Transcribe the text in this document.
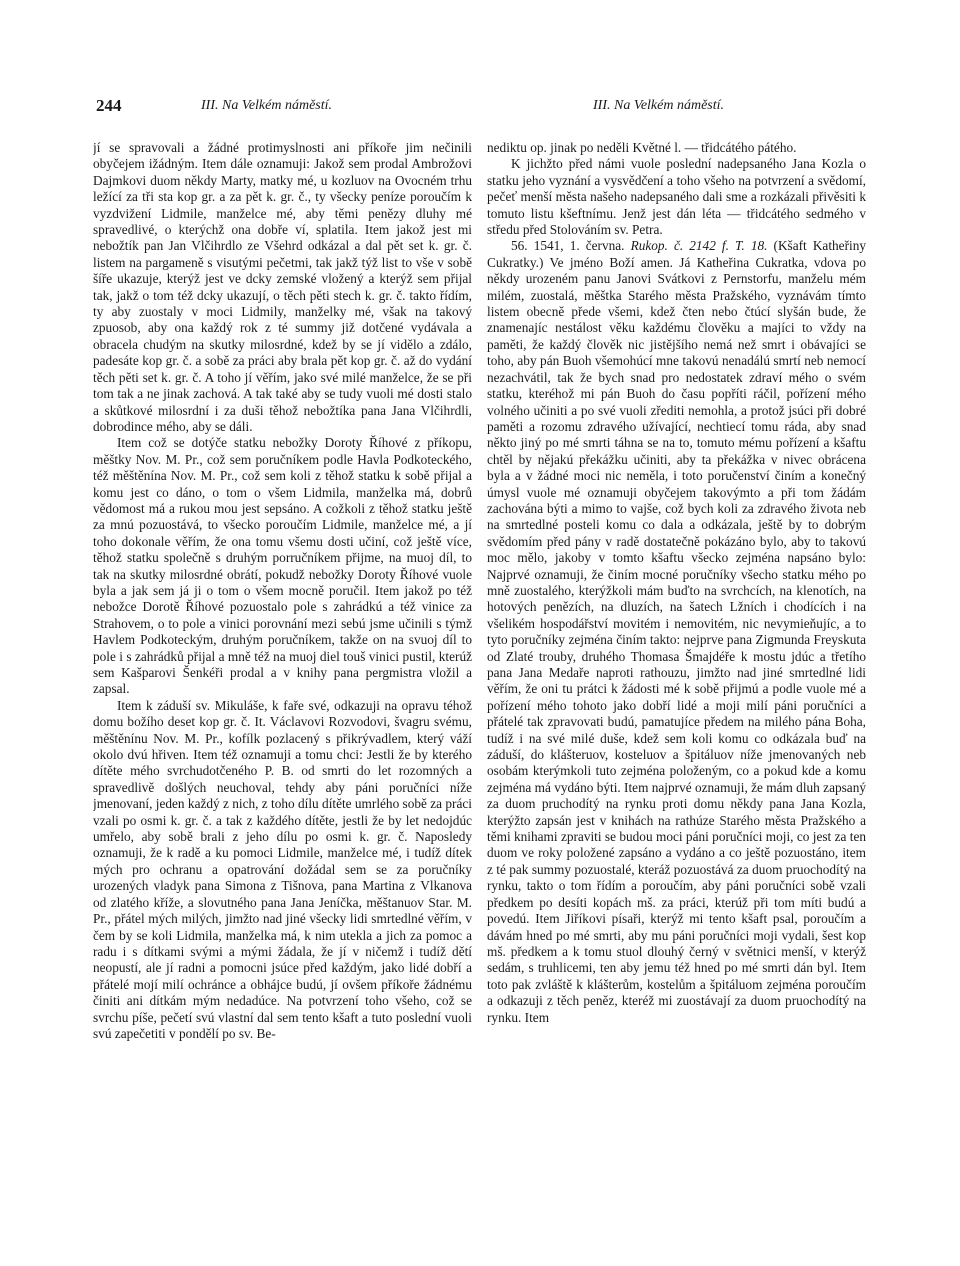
244	III. Na Velkém náměstí.	III. Na Velkém náměstí.

jí se spravovali a žádné protimyslnosti ani příkoře jim nečinili obyčejem ižádným. Item dále oznamuji: Jakož sem prodal Ambrožovi Dajmkovi duom někdy Marty, matky mé, u kozluov na Ovocném trhu ležící za tři sta kop gr. a za pět k. gr. č., ty všecky peníze poroučím k vyzdvižení Lidmile, manželce mé, aby těmi penězy dluhy mé spravedlivé, o kterýchž ona dobře ví, splatila. Item jakož jest mi nebožtík pan Jan Vlčihrdlo ze Všehrd odkázal a dal pět set k. gr. č. listem na pargameně s visutými pečetmi, tak jakž týž list to vše v sobě šíře ukazuje, kterýž jest ve dcky zemské vložený a kterýž sem přijal tak, jakž o tom též dcky ukazují, o těch pěti stech k. gr. č. takto řídím, ty aby zuostaly v moci Lidmily, manželky mé, však na takový zpuosob, aby ona každý rok z té summy již dotčené vydávala a obracela chudým na skutky milosrdné, kdež by se jí vidělo a zdálo, padesáte kop gr. č. a sobě za práci aby brala pět kop gr. č. až do vydání těch pěti set k. gr. č. A toho jí věřím, jako své milé manželce, že se při tom tak a ne jinak zachová. A tak také aby se tudy vuoli mé dosti stalo a skůtkové milosrdní i za duši těhož nebožtíka pana Jana Vlčihrdli, dobrodince mého, aby se dáli.

Item což se dotýče statku nebožky Doroty Říhové z příkopu, měštky Nov. M. Pr., což sem poručníkem podle Havla Podkoteckého, též měštěnína Nov. M. Pr., což sem koli z těhož statku k sobě přijal a komu jest co dáno, o tom o všem Lidmila, manželka má, dobrů vědomost má a rukou mou jest sepsáno. A cožkoli z těhož statku ještě za mnú pozuostává, to všecko poroučím Lidmile, manželce mé, a jí toho dokonale věřím, že ona tomu všemu dosti učiní, což ještě více, těhož statku společně s druhým porručníkem přijme, na muoj díl, to tak na skutky milosrdné obrátí, pokudž nebožky Doroty Říhové vuole byla a jak sem já ji o tom o všem mocně poručil. Item jakož po též nebožce Dorotě Říhové pozuostalo pole s zahrádkú a též vinice za Strahovem, o to pole a vinici porovnání mezi sebú jsme učinili s týmž Havlem Podkoteckým, druhým poručníkem, takže on na svuoj díl to pole i s zahrádků přijal a mně též na muoj diel touš vinici pustil, kterúž sem Kašparovi Šenkéři prodal a v knihy pana pergmistra vložil a zapsal.

Item k záduší sv. Mikuláše, k faře své, odkazuji na opravu téhož domu božího deset kop gr. č. It. Václavovi Rozvodovi, švagru svému, měštěnínu Nov. M. Pr., kofílk pozlacený s přikrývadlem, který váží okolo dvú hřiven. Item též oznamuji a tomu chci: Jestli že by kterého dítěte mého svrchudotčeného P. B. od smrti do let rozomných a spravedlivě došlých neuchoval, tehdy aby páni poručníci níže jmenovaní, jeden každý z nich, z toho dílu dítěte umrlého sobě za práci vzali po osmi k. gr. č. a tak z každého dítěte, jestli že by let nedojdúc umřelo, aby sobě brali z jeho dílu po osmi k. gr. č. Naposledy oznamuji, že k radě a ku pomoci Lidmile, manželce mé, i tudíž dítek mých pro ochranu a opatrování dožádal sem se za poručníky urozených vladyk pana Simona z Tišnova, pana Martina z Vlkanova od zlatého kříže, a slovutného pana Jana Jeníčka, měštanuov Star. M. Pr., přátel mých milých, jimžto nad jiné všecky lidi smrtedlné věřím, v čem by se koli Lidmila, manželka má, k nim utekla a jich za pomoc a radu i s dítkami svými a mými žádala, že jí v ničemž i tudíž dětí neopustí, ale jí radni a pomocni jsúce před každým, jako lidé dobří a přátelé mojí milí ochránce a obhájce budú, jí ovšem příkoře žádnému činiti ani dítkám mým nedadúce. Na potvrzení toho všeho, což se svrchu píše, pečetí svú vlastní dal sem tento kšaft a tuto poslední vuoli svú zapečetiti v pondělí po sv. Be-

nediktu op. jinak po neděli Květné l. — třidcátého pátého.

K jichžto před námi vuole poslední nadepsaného Jana Kozla o statku jeho vyznání a vysvědčení a toho všeho na potvrzení a svědomí, pečeť menší města našeho nadepsaného dali sme a rozkázali přivěsiti k tomuto listu kšeftnímu. Jenž jest dán léta — třidcátého sedmého v středu před Stolováním sv. Petra.

56. 1541, 1. června. Rukop. č. 2142 f. T. 18. (Kšaft Katheřiny Cukratky.) Ve jméno Boží amen. Já Katheřina Cukratka, vdova po někdy urozeném panu Janovi Svátkovi z Pernstorfu, manželu mém milém, zuostalá, měštka Starého města Pražského, vyznávám tímto listem obecně přede všemi, kdež čten nebo čtúcí slyšán bude, že znamenajíc nestálost věku každému člověku a majíci to vždy na paměti, že každý člověk nic jistějšího nemá než smrt i obávajíci se toho, aby pán Buoh všemohúcí mne takovú nenadálú smrtí neb nemocí nezachvátil, tak že bych snad pro nedostatek zdraví mého o svém statku, kteréhož mi pán Buoh do času popříti ráčil, pořízení mého volného učiniti a po své vuoli zřediti nemohla, a protož jsúci při dobré paměti a rozomu zdravého užívající, nechtiecí tomu ráda, aby snad někto jiný po mé smrti táhna se na to, tomuto mému pořízení a kšaftu chtěl by nějakú překážku učiniti, aby ta překážka v nivec obrácena byla a v žádné moci nic neměla, i toto poručenství činím a konečný úmysl vuole mé oznamuji obyčejem takovýmto a při tom žádám zachována býti a mimo to vajše, což bych koli za zdravého života neb na smrtedlné posteli komu co dala a odkázala, ještě by to dobrým svědomím před pány v radě dostatečně pokázáno bylo, aby to takovú moc mělo, jakoby v tomto kšaftu všecko zejména napsáno bylo: Najprvé oznamuji, že činím mocné poručníky všecho statku mého po mně zuostalého, kterýžkoli mám buďto na svrchcích, na klenotích, na hotových penězích, na dluzích, na šatech Lžních i chodících i na všelikém hospodářství movitém i nemovitém, nic nevymieňujíc, a to tyto poručníky zejména činím takto: nejprve pana Zigmunda Freyskuta od Zlaté trouby, druhého Thomasa Šmajdéře k mostu jdúc a třetího pana Jana Medaře naproti rathouzu, jimžto nad jiné smrtedlné lidi věřím, že oni tu prátci k žádosti mé k sobě přijmú a podle vuole mé a pořízení mého tohoto jako dobří lidé a moji milí páni poručníci a přátelé tak zpravovati budú, pamatujíce předem na milého pána Boha, tudíž i na své milé duše, kdež sem koli komu co odkázala buď na záduší, do klášteruov, kosteluov a špitáluov níže jmenovaných neb osobám kterýmkoli tuto zejména položeným, co a pokud kde a komu zejména má vydáno býti. Item najprvé oznamuji, že mám dluh zapsaný za duom pruchodítý na rynku proti domu někdy pana Jana Kozla, kterýžto zapsán jest v knihách na rathúze Starého města Pražského a těmi knihami zpraviti se budou moci páni poručníci moji, co jest za ten duom ve roky položené zapsáno a vydáno a co ještě pozuostáno, item z té pak summy pozuostalé, kteráž pozuostává za duom pruochodítý na rynku, takto o tom řídím a poroučím, aby páni poručníci sobě vzali předkem po desíti kopách mš. za práci, kterúž při tom míti budú a povedú. Item Jiříkovi písaři, kterýž mi tento kšaft psal, poroučím a dávám hned po mé smrti, aby mu páni poručníci moji vydali, šest kop mš. předkem a k tomu stuol dlouhý černý v světnici menší, v kterýž sedám, s truhlicemi, ten aby jemu též hned po mé smrti dán byl. Item toto pak zvláště k klášterům, kostelům a špitáluom zejména poroučím a odkazuji z těch peněz, kteréž mi zuostávají za duom pruochodítý na rynku. Item
